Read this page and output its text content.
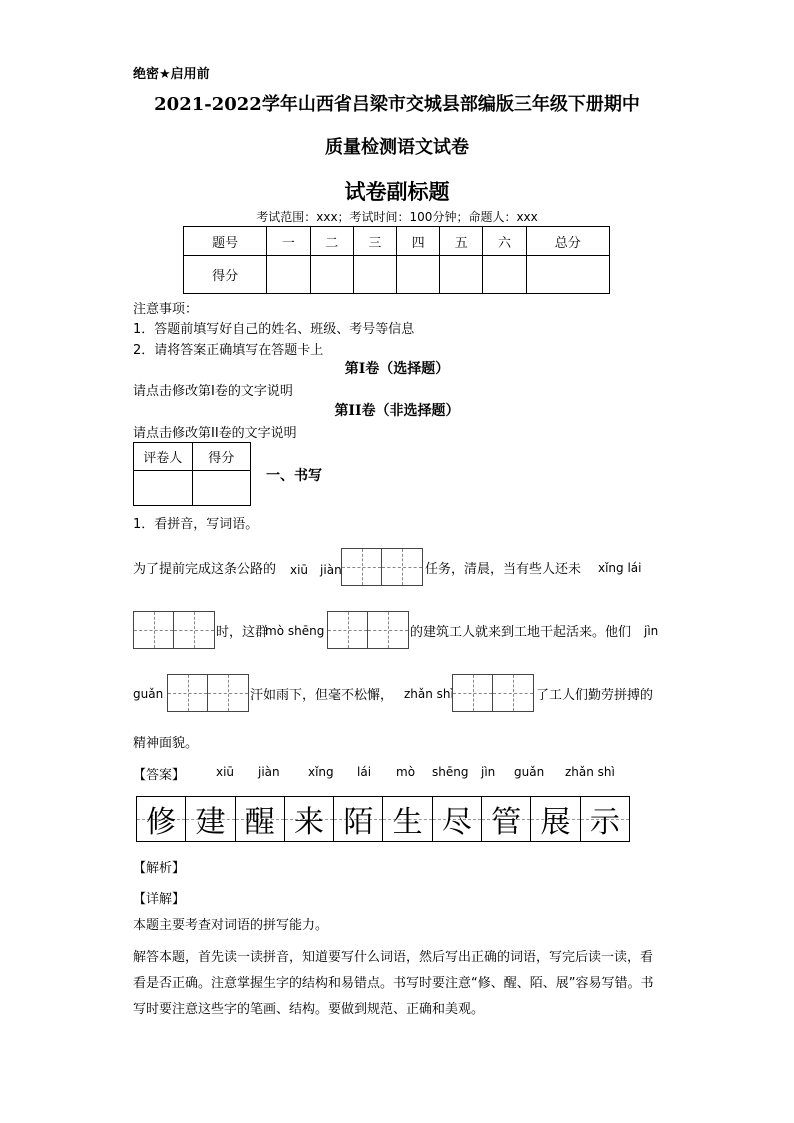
绝密★启用前
2021-2022学年山西省吕梁市交城县部编版三年级下册期中
质量检测语文试卷
试卷副标题
考试范围：xxx；考试时间：100分钟；命题人：xxx
题号	一	二	三	四	五	六	总分
得分							
注意事项：
1．答题前填写好自己的姓名、班级、考号等信息
2．请将答案正确填写在答题卡上
第I卷（选择题）
请点击修改第I卷的文字说明
第II卷（非选择题）
请点击修改第II卷的文字说明
评卷人	得分

一、书写
1．看拼音，写词语。
为了提前完成这条公路的 xiū　jiàn	任务，清晨，当有些人还未 xǐng lái
时，这群
mò shēng	的建筑工人就来到工地干起活来。他们 jìn
guǎn	汗如雨下，但毫不松懈， zhǎn shì	了工人们勤劳拼搏的
精神面貌。
【答案】	xiū jiàn xǐng lái mò shēng jìn guǎn zhǎn shì
修 建 醒 来 陌 生 尽 管 展 示
【解析】
【详解】
本题主要考查对词语的拼写能力。
解答本题，首先读一读拼音，知道要写什么词语，然后写出正确的词语，写完后读一读，看看是否正确。注意掌握生字的结构和易错点。书写时要注意“修、醒、陌、展”容易写错。书写时要注意这些字的笔画、结构。要做到规范、正确和美观。
